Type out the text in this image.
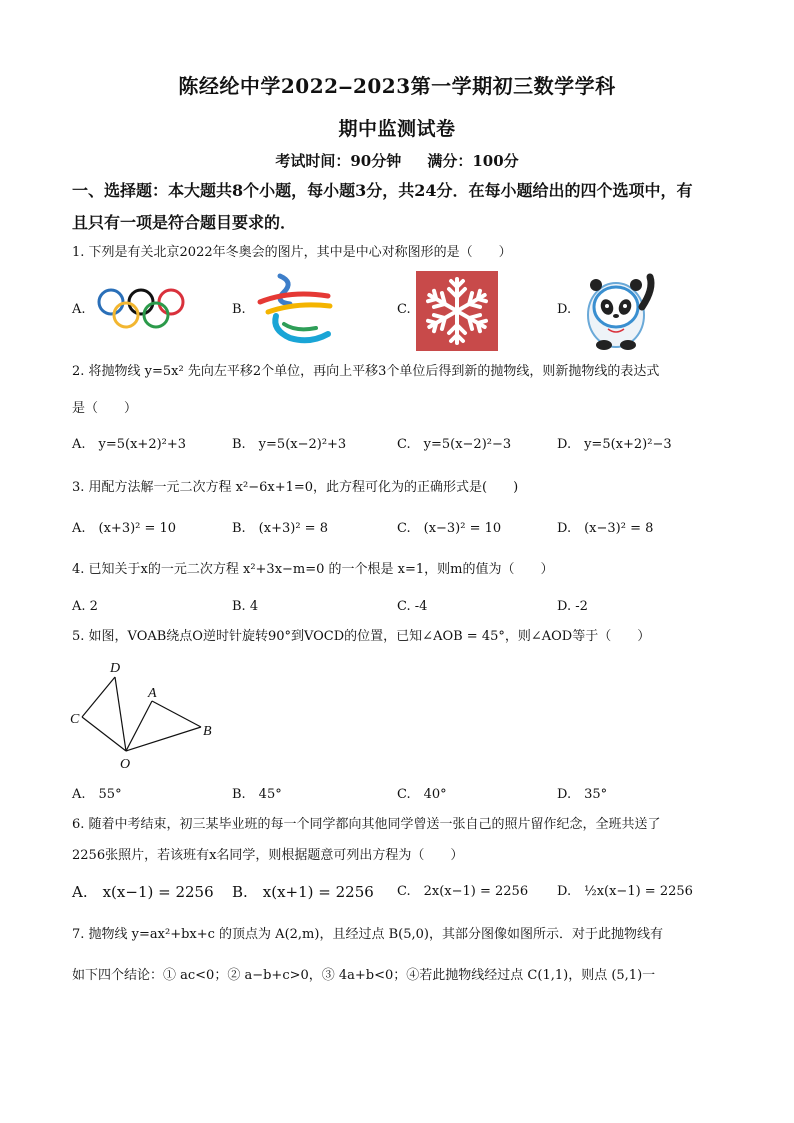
陈经纶中学2022‒2023第一学期初三数学学科
期中监测试卷
考试时间：90分钟     满分：100分
一、选择题：本大题共8个小题，每小题3分，共24分．在每小题给出的四个选项中，有
且只有一项是符合题目要求的．
1. 下列是有关北京2022年冬奥会的图片，其中是中心对称图形的是（　　）
A.	B.	C.	D.
2. 将抛物线 y=5x² 先向左平移2个单位，再向上平移3个单位后得到新的抛物线，则新抛物线的表达式
是（　　）
A.　y=5(x+2)²+3	B.　y=5(x−2)²+3	C.　y=5(x−2)²−3	D.　y=5(x+2)²−3
3. 用配方法解一元二次方程 x²−6x+1=0，此方程可化为的正确形式是(　　)
A.　(x+3)² = 10	B.　(x+3)² = 8	C.　(x−3)² = 10	D.　(x−3)² = 8
4. 已知关于x的一元二次方程 x²+3x−m=0 的一个根是 x=1，则m的值为（　　）
A. 2	B. 4	C. -4	D. -2
5. 如图，VOAB绕点O逆时针旋转90°到VOCD的位置，已知∠AOB = 45°，则∠AOD等于（　　）
D
A
C
B
O
A.　55°	B.　45°	C.　40°	D.　35°
6. 随着中考结束，初三某毕业班的每一个同学都向其他同学曾送一张自己的照片留作纪念，全班共送了
2256张照片，若该班有x名同学，则根据题意可列出方程为（　　）
A.　x(x−1) = 2256 B.　x(x+1) = 2256 C.　2x(x−1) = 2256 D.　½x(x−1) = 2256
7. 抛物线 y=ax²+bx+c 的顶点为 A(2,m)，且经过点 B(5,0)，其部分图像如图所示．对于此抛物线有
如下四个结论：① ac<0；② a−b+c>0，③ 4a+b<0；④若此抛物线经过点 C(1,1)，则点 (5,1)一
